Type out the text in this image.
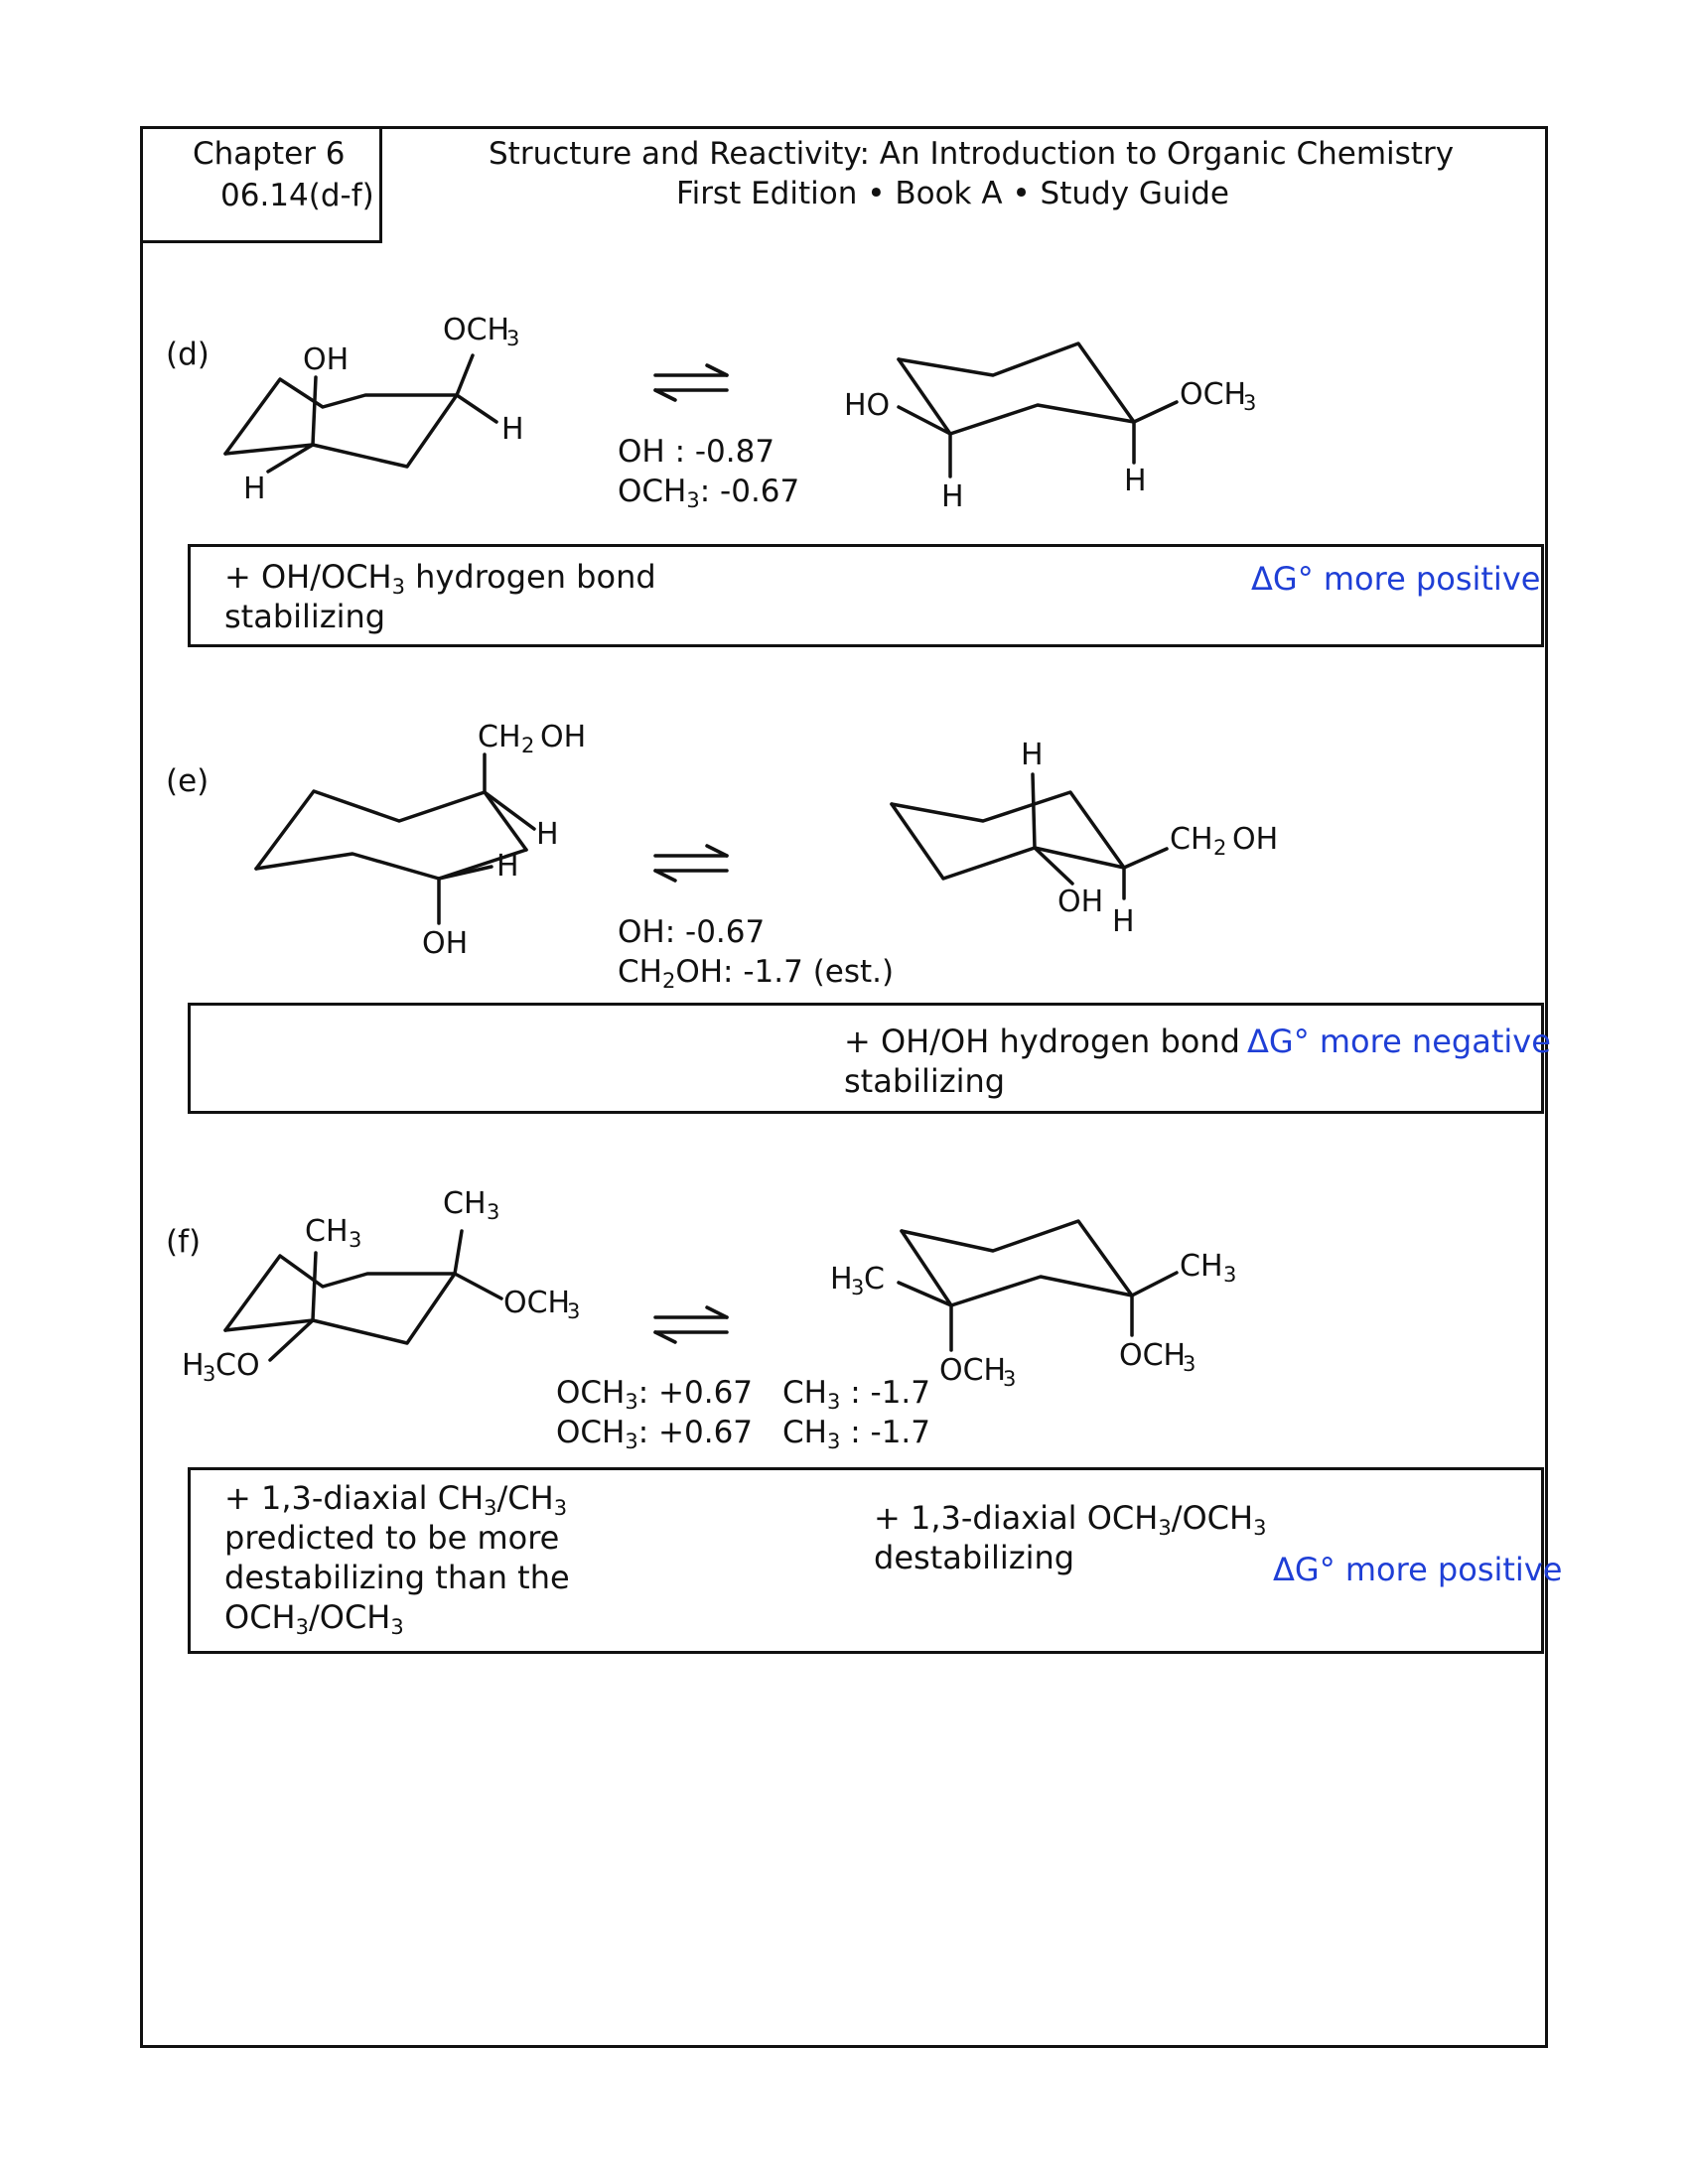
Chapter 6
06.14(d-f)
Structure and Reactivity: An Introduction to Organic Chemistry
First Edition • Book A • Study Guide
(d)	OH
OCH
3
H
H
HO	OCH
3
H	H
OH : -0.87
$OCH_3$: -0.67
+ $OH/OCH_3$ hydrogen bond
stabilizing
ΔG° more positive
(e)
CH 2 OH
H
H
OH
H
CH 2 OH
OH
H
OH: -0.67
$CH_2OH$: -1.7 (est.)
+ OH/OH hydrogen bond
stabilizing
ΔG° more negative
(f)
CH 3
CH 3
OCH
3
H
3 CO
H
3 C	CH 3
OCH
3
OCH
3
$OCH_3$: +0.67 $CH_3$ : -1.7
$OCH_3$: +0.67 $CH_3$ : -1.7
+ 1,3-diaxial $CH_3/CH_3$
predicted to be more
destabilizing than the
$OCH_3/OCH_3$
+ 1,3-diaxial $OCH_3/OCH_3$
destabilizing	ΔG° more positive
